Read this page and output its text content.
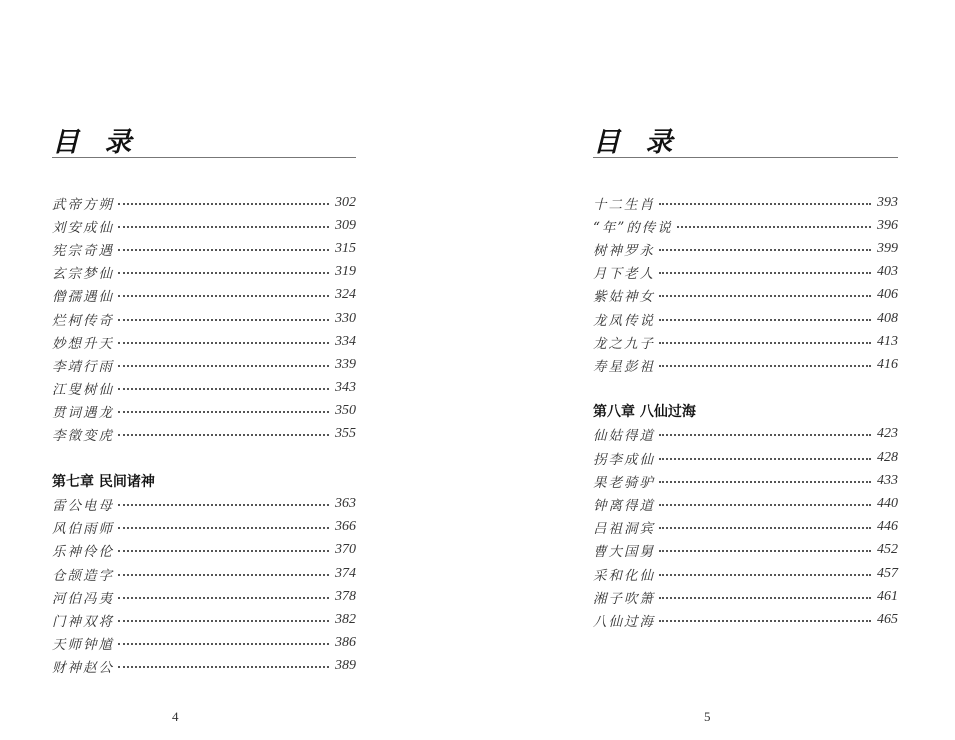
目 录
武帝方朔	302
刘安成仙	309
宪宗奇遇	315
玄宗梦仙	319
僧孺遇仙	324
烂柯传奇	330
妙想升天	334
李靖行雨	339
江叟树仙	343
贯词遇龙	350
李徵变虎	355
第七章 民间诸神
雷公电母	363
风伯雨师	366
乐神伶伦	370
仓颉造字	374
河伯冯夷	378
门神双将	382
天师钟馗	386
财神赵公	389
目 录
十二生肖	393
“年”的传说	396
树神罗永	399
月下老人	403
紫姑神女	406
龙凤传说	408
龙之九子	413
寿星彭祖	416
第八章 八仙过海
仙姑得道	423
拐李成仙	428
果老骑驴	433
钟离得道	440
吕祖洞宾	446
曹大国舅	452
采和化仙	457
湘子吹箫	461
八仙过海	465
4	5
